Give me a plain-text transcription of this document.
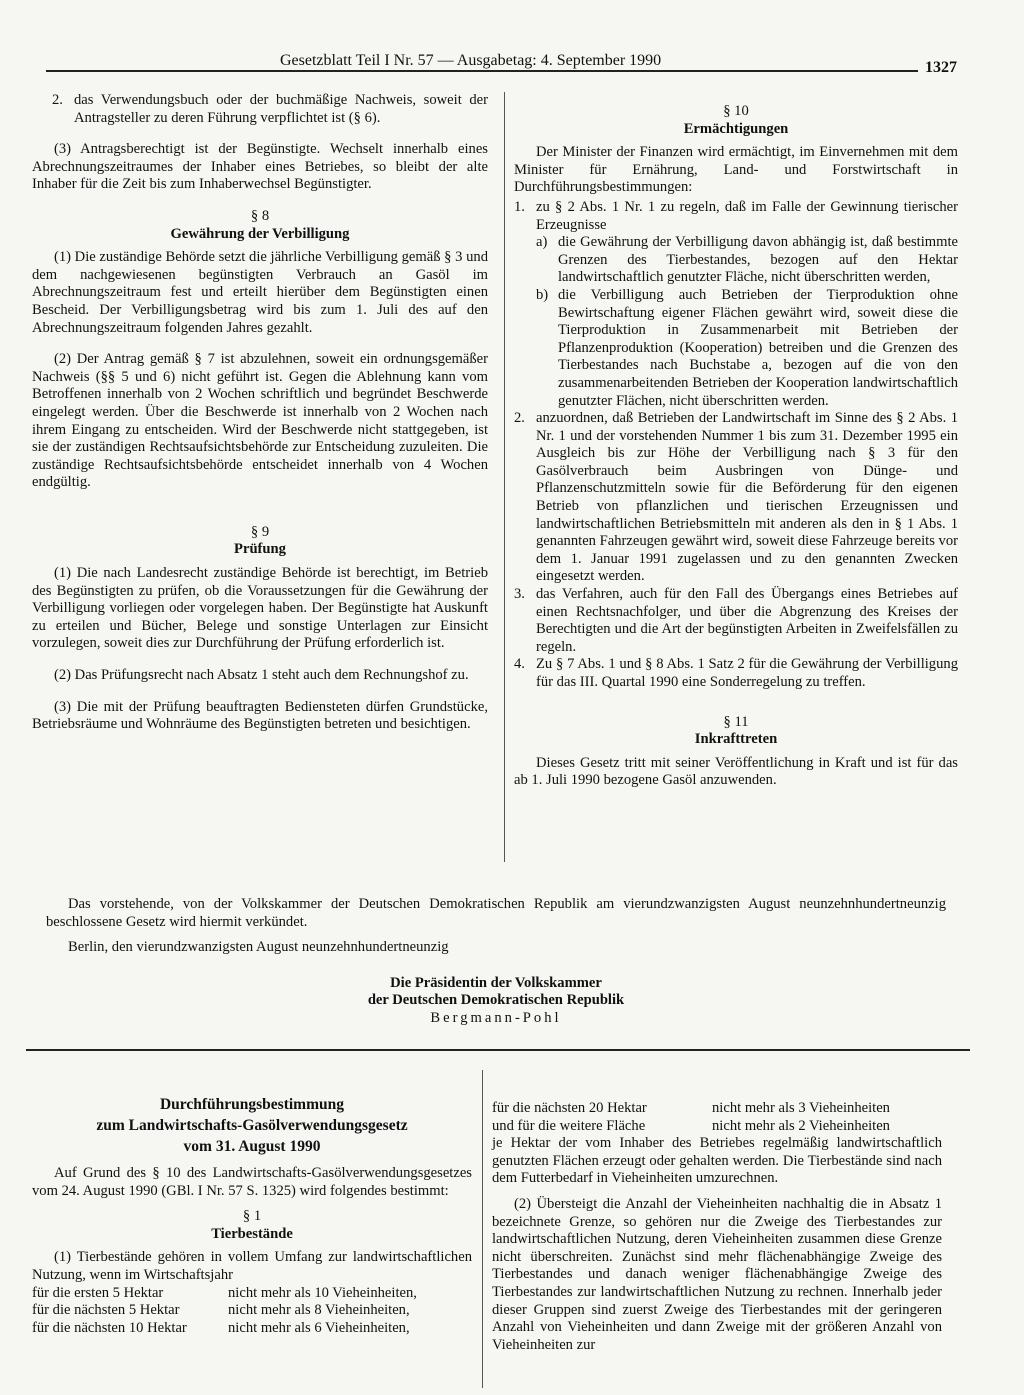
Gesetzblatt Teil I Nr. 57 — Ausgabetag: 4. September 1990	1327
2. das Verwendungsbuch oder der buchmäßige Nachweis, soweit der Antragsteller zu deren Führung verpflichtet ist (§ 6).

(3) Antragsberechtigt ist der Begünstigte. Wechselt innerhalb eines Abrechnungszeitraumes der Inhaber eines Betriebes, so bleibt der alte Inhaber für die Zeit bis zum Inhaberwechsel Begünstigter.

§ 8

Gewährung der Verbilligung

(1) Die zuständige Behörde setzt die jährliche Verbilligung gemäß § 3 und dem nachgewiesenen begünstigten Verbrauch an Gasöl im Abrechnungszeitraum fest und erteilt hierüber dem Begünstigten einen Bescheid. Der Verbilligungsbetrag wird bis zum 1. Juli des auf den Abrechnungszeitraum folgenden Jahres gezahlt.

(2) Der Antrag gemäß § 7 ist abzulehnen, soweit ein ordnungsgemäßer Nachweis (§§ 5 und 6) nicht geführt ist. Gegen die Ablehnung kann vom Betroffenen innerhalb von 2 Wochen schriftlich und begründet Beschwerde eingelegt werden. Über die Beschwerde ist innerhalb von 2 Wochen nach ihrem Eingang zu entscheiden. Wird der Beschwerde nicht stattgegeben, ist sie der zuständigen Rechtsaufsichtsbehörde zur Entscheidung zuzuleiten. Die zuständige Rechtsaufsichtsbehörde entscheidet innerhalb von 4 Wochen endgültig.

§ 9

Prüfung

(1) Die nach Landesrecht zuständige Behörde ist berechtigt, im Betrieb des Begünstigten zu prüfen, ob die Voraussetzungen für die Gewährung der Verbilligung vorliegen oder vorgelegen haben. Der Begünstigte hat Auskunft zu erteilen und Bücher, Belege und sonstige Unterlagen zur Einsicht vorzulegen, soweit dies zur Durchführung der Prüfung erforderlich ist.

(2) Das Prüfungsrecht nach Absatz 1 steht auch dem Rechnungshof zu.

(3) Die mit der Prüfung beauftragten Bediensteten dürfen Grundstücke, Betriebsräume und Wohnräume des Begünstigten betreten und besichtigen.

§ 10

Ermächtigungen

Der Minister der Finanzen wird ermächtigt, im Einvernehmen mit dem Minister für Ernährung, Land- und Forstwirtschaft in Durchführungsbestimmungen:

1. zu § 2 Abs. 1 Nr. 1 zu regeln, daß im Falle der Gewinnung tierischer Erzeugnisse
a) die Gewährung der Verbilligung davon abhängig ist, daß bestimmte Grenzen des Tierbestandes, bezogen auf den Hektar landwirtschaftlich genutzter Fläche, nicht überschritten werden,
b) die Verbilligung auch Betrieben der Tierproduktion ohne Bewirtschaftung eigener Flächen gewährt wird, soweit diese die Tierproduktion in Zusammenarbeit mit Betrieben der Pflanzenproduktion (Kooperation) betreiben und die Grenzen des Tierbestandes nach Buchstabe a, bezogen auf die von den zusammenarbeitenden Betrieben der Kooperation landwirtschaftlich genutzter Flächen, nicht überschritten werden.
2. anzuordnen, daß Betrieben der Landwirtschaft im Sinne des § 2 Abs. 1 Nr. 1 und der vorstehenden Nummer 1 bis zum 31. Dezember 1995 ein Ausgleich bis zur Höhe der Verbilligung nach § 3 für den Gasölverbrauch beim Ausbringen von Dünge- und Pflanzenschutzmitteln sowie für die Beförderung für den eigenen Betrieb von pflanzlichen und tierischen Erzeugnissen und landwirtschaftlichen Betriebsmitteln mit anderen als den in § 1 Abs. 1 genannten Fahrzeugen gewährt wird, soweit diese Fahrzeuge bereits vor dem 1. Januar 1991 zugelassen und zu den genannten Zwecken eingesetzt werden.
3. das Verfahren, auch für den Fall des Übergangs eines Betriebes auf einen Rechtsnachfolger, und über die Abgrenzung des Kreises der Berechtigten und die Art der begünstigten Arbeiten in Zweifelsfällen zu regeln.
4. Zu § 7 Abs. 1 und § 8 Abs. 1 Satz 2 für die Gewährung der Verbilligung für das III. Quartal 1990 eine Sonderregelung zu treffen.

§ 11

Inkrafttreten

Dieses Gesetz tritt mit seiner Veröffentlichung in Kraft und ist für das ab 1. Juli 1990 bezogene Gasöl anzuwenden.

Das vorstehende, von der Volkskammer der Deutschen Demokratischen Republik am vierundzwanzigsten August neunzehnhundertneunzig beschlossene Gesetz wird hiermit verkündet.

Berlin, den vierundzwanzigsten August neunzehnhundertneunzig

Die Präsidentin der Volkskammer

der Deutschen Demokratischen Republik

Bergmann-Pohl

Durchführungsbestimmung

zum Landwirtschafts-Gasölverwendungsgesetz

vom 31. August 1990

Auf Grund des § 10 des Landwirtschafts-Gasölverwendungsgesetzes vom 24. August 1990 (GBl. I Nr. 57 S. 1325) wird folgendes bestimmt:

§ 1

Tierbestände

(1) Tierbestände gehören in vollem Umfang zur landwirtschaftlichen Nutzung, wenn im Wirtschaftsjahr

für die ersten 5 Hektar	nicht mehr als 10 Vieheinheiten,
für die nächsten 5 Hektar	nicht mehr als 8 Vieheinheiten,
für die nächsten 10 Hektar	nicht mehr als 6 Vieheinheiten,
für die nächsten 20 Hektar	nicht mehr als 3 Vieheinheiten
und für die weitere Fläche	nicht mehr als 2 Vieheinheiten

je Hektar der vom Inhaber des Betriebes regelmäßig landwirtschaftlich genutzten Flächen erzeugt oder gehalten werden. Die Tierbestände sind nach dem Futterbedarf in Vieheinheiten umzurechnen.

(2) Übersteigt die Anzahl der Vieheinheiten nachhaltig die in Absatz 1 bezeichnete Grenze, so gehören nur die Zweige des Tierbestandes zur landwirtschaftlichen Nutzung, deren Vieheinheiten zusammen diese Grenze nicht überschreiten. Zunächst sind mehr flächenabhängige Zweige des Tierbestandes und danach weniger flächenabhängige Zweige des Tierbestandes zur landwirtschaftlichen Nutzung zu rechnen. Innerhalb jeder dieser Gruppen sind zuerst Zweige des Tierbestandes mit der geringeren Anzahl von Vieheinheiten und dann Zweige mit der größeren Anzahl von Vieheinheiten zur
